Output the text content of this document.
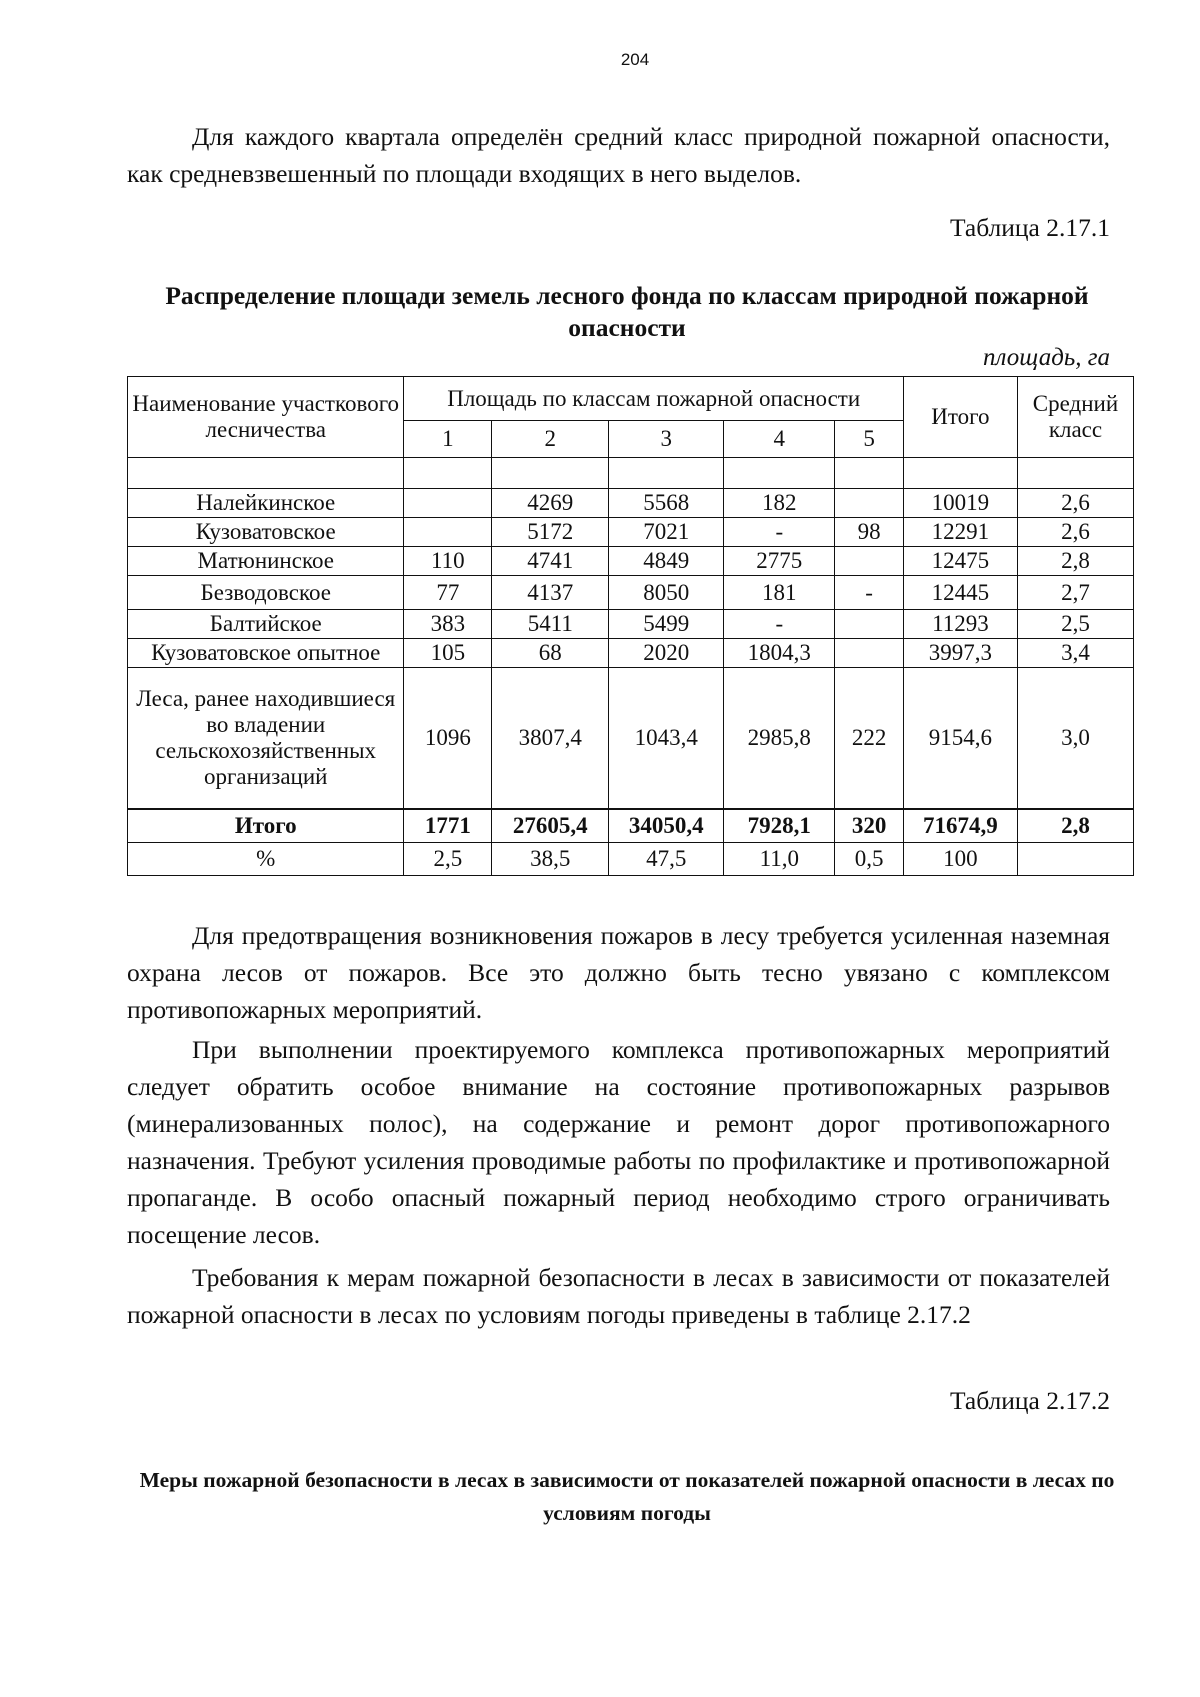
204

Для каждого квартала определён средний класс природной пожарной опасности, как средневзвешенный по площади входящих в него выделов.

Таблица 2.17.1

Распределение площади земель лесного фонда по классам природной пожарной опасности

площадь, га
Наименование участкового лесничества	Площадь по классам пожарной опасности					Итого	Средний класс
	1	2	3	4	5		

Налейкинское		4269	5568	182		10019	2,6
Кузоватовское		5172	7021	-	98	12291	2,6
Матюнинское	110	4741	4849	2775		12475	2,8
Безводовское	77	4137	8050	181	-	12445	2,7
Балтийское	383	5411	5499	-		11293	2,5
Кузоватовское опытное	105	68	2020	1804,3		3997,3	3,4

Леса, ранее находившиеся
во владении
сельскохозяйственных
организаций	1096	3807,4	1043,4	2985,8	222	9154,6	3,0
Итого	1771	27605,4	34050,4	7928,1	320	71674,9	2,8
%	2,5	38,5	47,5	11,0	0,5	100	

Для предотвращения возникновения пожаров в лесу требуется усиленная наземная охрана лесов от пожаров. Все это должно быть тесно увязано с комплексом противопожарных мероприятий.

При выполнении проектируемого комплекса противопожарных мероприятий следует обратить особое внимание на состояние противопожарных разрывов (минерализованных полос), на содержание и ремонт дорог противопожарного назначения. Требуют усиления проводимые работы по профилактике и противопожарной пропаганде. В особо опасный пожарный период необходимо строго ограничивать посещение лесов.

Требования к мерам пожарной безопасности в лесах в зависимости от показателей пожарной опасности в лесах по условиям погоды приведены в таблице 2.17.2

Таблица 2.17.2

Меры пожарной безопасности в лесах в зависимости от показателей пожарной опасности в лесах по условиям погоды
